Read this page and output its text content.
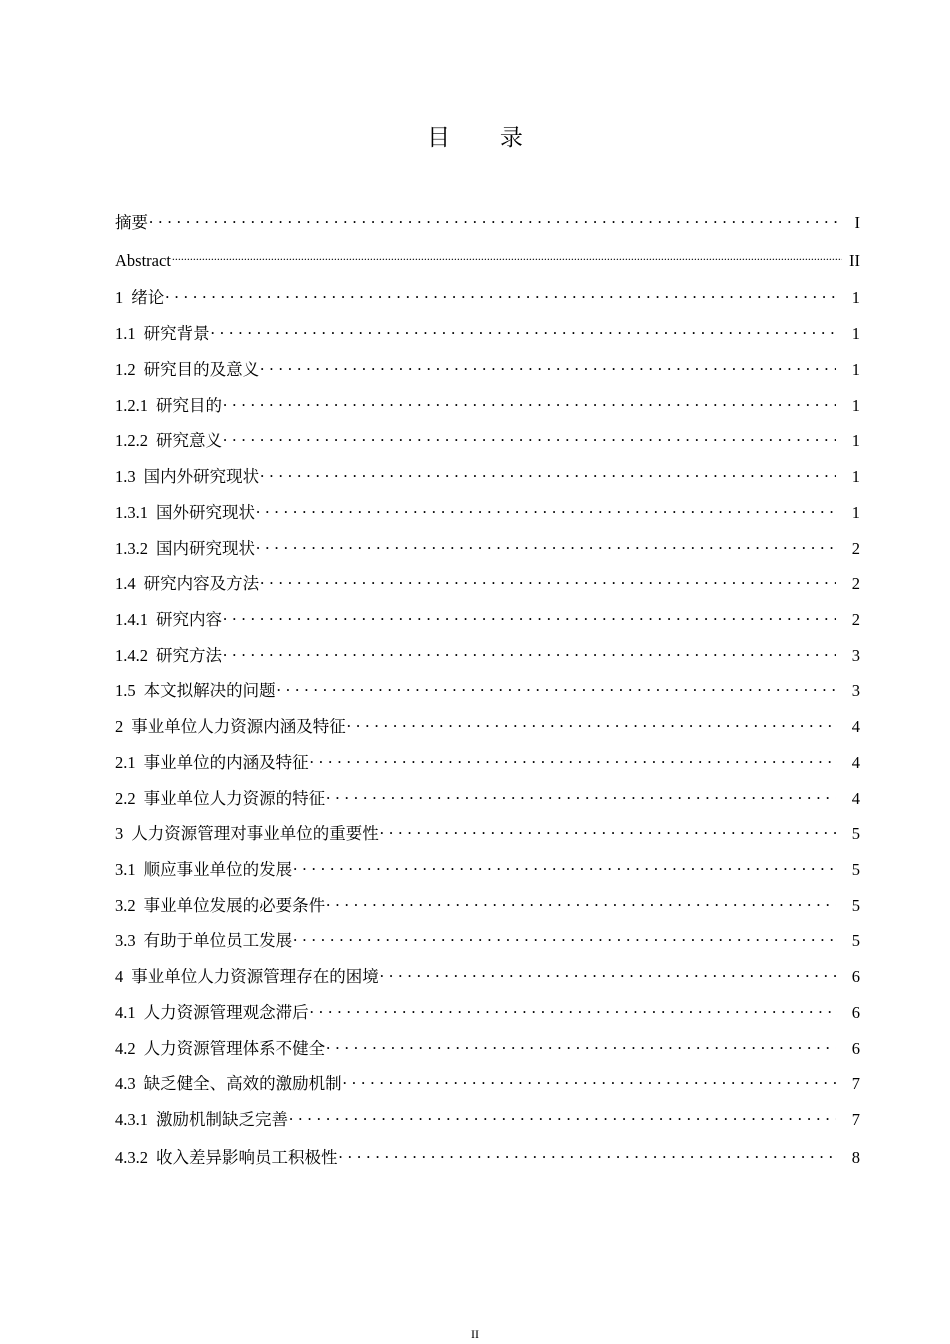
目 录
摘要 . . .	I
Abstract .....	II
1 绪论 . . .	1
1.1 研究背景 . . .	1
1.2 研究目的及意义 . . .	1
1.2.1 研究目的 . . .	1
1.2.2 研究意义 . . .	1
1.3 国内外研究现状 . . .	1
1.3.1 国外研究现状 . . .	1
1.3.2 国内研究现状 . . .	2
1.4 研究内容及方法 . . .	2
1.4.1 研究内容 . . .	2
1.4.2 研究方法 . . .	3
1.5 本文拟解决的问题 . . .	3
2 事业单位人力资源内涵及特征 . . .	4
2.1 事业单位的内涵及特征 . . .	4
2.2 事业单位人力资源的特征 . . .	4
3 人力资源管理对事业单位的重要性 . . .	5
3.1 顺应事业单位的发展 . . .	5
3.2 事业单位发展的必要条件 . . .	5
3.3 有助于单位员工发展 . . .	5
4 事业单位人力资源管理存在的困境 . . .	6
4.1 人力资源管理观念滞后 . . .	6
4.2 人力资源管理体系不健全 . . .	6
4.3 缺乏健全、高效的激励机制 . . .	7
4.3.1 激励机制缺乏完善 . . .	7
4.3.2 收入差异影响员工积极性 . . .	8
II
